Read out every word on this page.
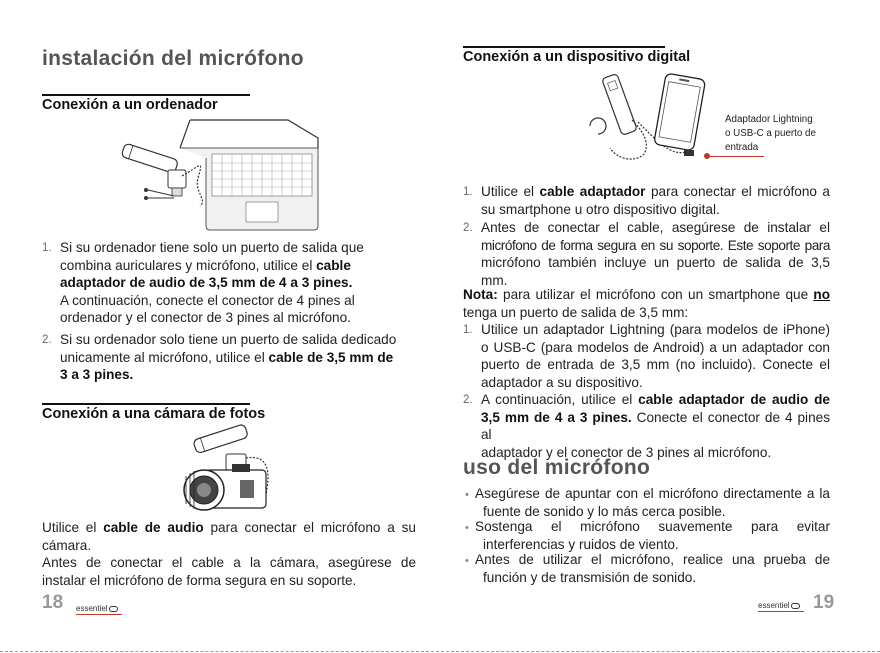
instalación del micrófono
Conexión a un ordenador
1. Si su ordenador tiene solo un puerto de salida que
combina auriculares y micrófono, utilice el cable
adaptador de audio de 3,5 mm de 4 a 3 pines.
A continuación, conecte el conector de 4 pines al
ordenador y el conector de 3 pines al micrófono.
2. Si su ordenador solo tiene un puerto de salida dedicado
unicamente al micrófono, utilice el cable de 3,5 mm de
3 a 3 pines.
Conexión a una cámara de fotos
Utilice el cable de audio para conectar el micrófono a su
cámara.
Antes de conectar el cable a la cámara, asegúrese de
instalar el micrófono de forma segura en su soporte.
18 essentiel
Conexión a un dispositivo digital
Adaptador Lightning
o USB-C a puerto de
entrada
1. Utilice el cable adaptador para conectar el micrófono a
su smartphone u otro dispositivo digital.
2. Antes de conectar el cable, asegúrese de instalar el
micrófono de forma segura en su soporte. Este soporte para
micrófono también incluye un puerto de salida de 3,5 mm.
Nota: para utilizar el micrófono con un smartphone que no
tenga un puerto de salida de 3,5 mm:
1. Utilice un adaptador Lightning (para modelos de iPhone)
o USB-C (para modelos de Android) a un adaptador con
puerto de entrada de 3,5 mm (no incluido). Conecte el
adaptador a su dispositivo.
2. A continuación, utilice el cable adaptador de audio de
3,5 mm de 4 a 3 pines. Conecte el conector de 4 pines al
adaptador y el conector de 3 pines al micrófono.
uso del micrófono
• Asegúrese de apuntar con el micrófono directamente a la
fuente de sonido y lo más cerca posible.
• Sostenga el micrófono suavemente para evitar
interferencias y ruidos de viento.
• Antes de utilizar el micrófono, realice una prueba de
función y de transmisión de sonido.
essentiel	19
